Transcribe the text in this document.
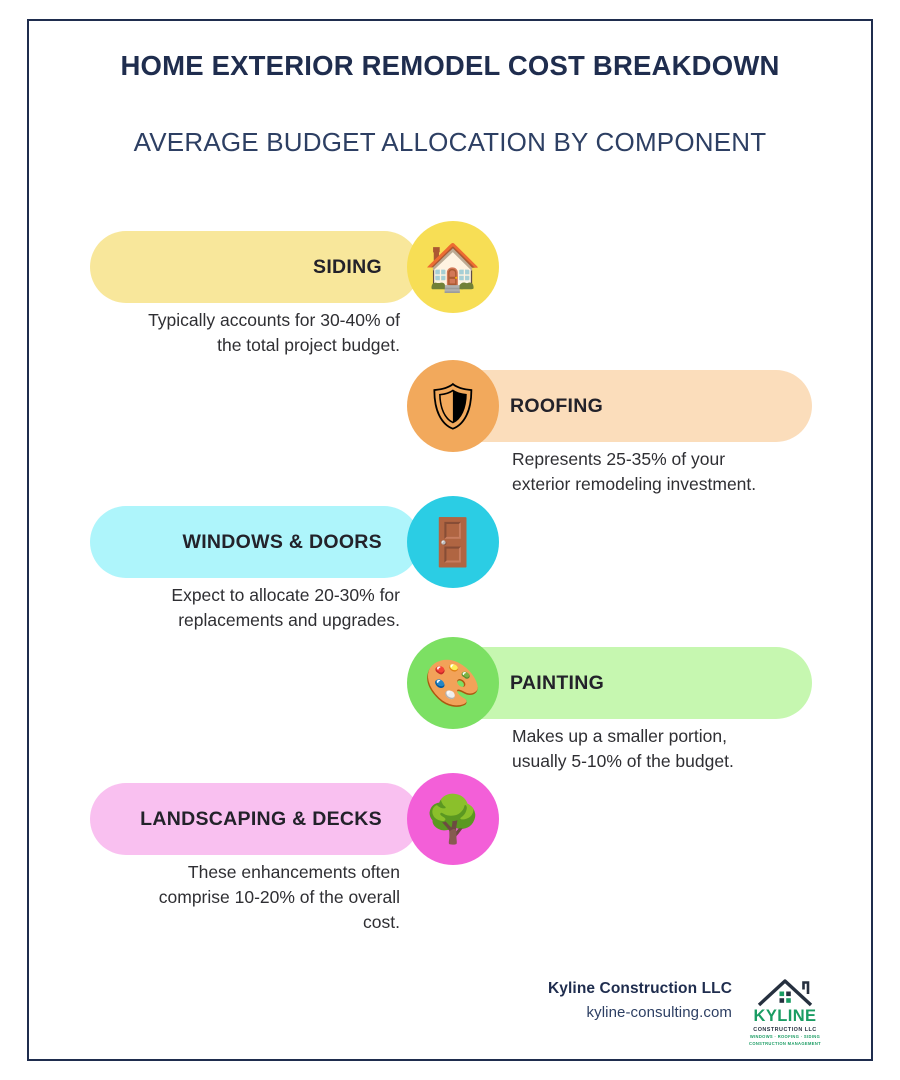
HOME EXTERIOR REMODEL COST BREAKDOWN
AVERAGE BUDGET ALLOCATION BY COMPONENT
SIDING 🏠
Typically accounts for 30-40% of the total project budget.
ROOFING
🛡
Represents 25-35% of your exterior remodeling investment.
WINDOWS & DOORS 🚪
Expect to allocate 20-30% for replacements and upgrades.
PAINTING
🎨
Makes up a smaller portion, usually 5-10% of the budget.
LANDSCAPING & DECKS 🌳
These enhancements often comprise 10-20% of the overall cost.
Kyline Construction LLC
kyline-consulting.com	KYLINE
CONSTRUCTION LLC
WINDOWS · ROOFING · SIDING
CONSTRUCTION MANAGEMENT
